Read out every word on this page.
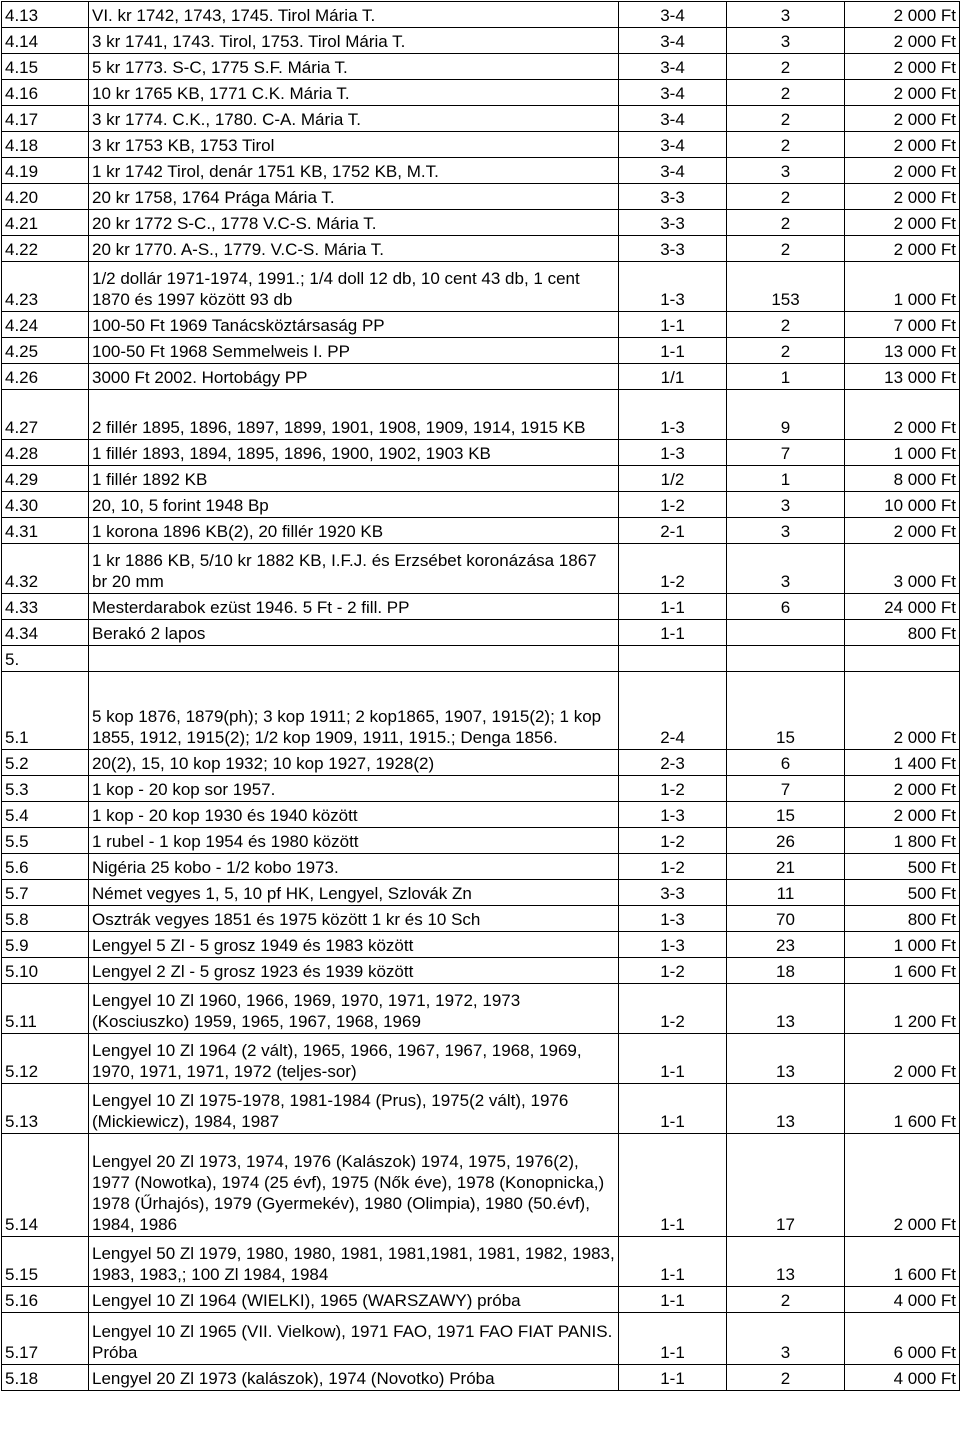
4.13	VI. kr 1742, 1743, 1745. Tirol Mária T.	3-4	3	2 000 Ft
4.14	3 kr 1741, 1743. Tirol, 1753. Tirol Mária T.	3-4	3	2 000 Ft
4.15	5 kr 1773. S-C, 1775 S.F. Mária T.	3-4	2	2 000 Ft
4.16	10 kr 1765 KB, 1771 C.K. Mária T.	3-4	2	2 000 Ft
4.17	3 kr 1774. C.K., 1780. C-A. Mária T.	3-4	2	2 000 Ft
4.18	3 kr 1753 KB, 1753 Tirol	3-4	2	2 000 Ft
4.19	1 kr 1742 Tirol, denár 1751 KB, 1752 KB, M.T.	3-4	3	2 000 Ft
4.20	20 kr 1758, 1764 Prága Mária T.	3-3	2	2 000 Ft
4.21	20 kr 1772 S-C., 1778 V.C-S. Mária T.	3-3	2	2 000 Ft
4.22	20 kr 1770. A-S., 1779. V.C-S. Mária T.	3-3	2	2 000 Ft
4.23	1/2 dollár 1971-1974, 1991.; 1/4 doll 12 db, 10 cent 43 db, 1 cent 1870 és 1997 között 93 db	1-3	153	1 000 Ft
4.24	100-50 Ft 1969 Tanácsköztársaság PP	1-1	2	7 000 Ft
4.25	100-50 Ft 1968 Semmelweis I. PP	1-1	2	13 000 Ft
4.26	3000 Ft 2002. Hortobágy PP	1/1	1	13 000 Ft
4.27	2 fillér 1895, 1896, 1897, 1899, 1901, 1908, 1909, 1914, 1915 KB	1-3	9	2 000 Ft
4.28	1 fillér 1893, 1894, 1895, 1896, 1900, 1902, 1903 KB	1-3	7	1 000 Ft
4.29	1 fillér 1892 KB	1/2	1	8 000 Ft
4.30	20, 10, 5 forint 1948 Bp	1-2	3	10 000 Ft
4.31	1 korona 1896 KB(2), 20 fillér 1920 KB	2-1	3	2 000 Ft
4.32	1 kr 1886 KB, 5/10 kr 1882 KB, I.F.J. és Erzsébet koronázása 1867 br 20 mm	1-2	3	3 000 Ft
4.33	Mesterdarabok ezüst 1946. 5 Ft - 2 fill. PP	1-1	6	24 000 Ft
4.34	Berakó 2 lapos	1-1		800 Ft
5.				
5.1	5 kop 1876, 1879(ph); 3 kop 1911; 2 kop1865, 1907, 1915(2); 1 kop 1855, 1912, 1915(2); 1/2 kop 1909, 1911, 1915.; Denga 1856.	2-4	15	2 000 Ft
5.2	20(2), 15, 10 kop 1932; 10 kop 1927, 1928(2)	2-3	6	1 400 Ft
5.3	1 kop - 20 kop sor 1957.	1-2	7	2 000 Ft
5.4	1 kop - 20 kop 1930 és 1940 között	1-3	15	2 000 Ft
5.5	1 rubel - 1 kop 1954 és 1980 között	1-2	26	1 800 Ft
5.6	Nigéria 25 kobo - 1/2 kobo 1973.	1-2	21	500 Ft
5.7	Német vegyes 1, 5, 10 pf HK, Lengyel, Szlovák Zn	3-3	11	500 Ft
5.8	Osztrák vegyes 1851 és 1975 között 1 kr és 10 Sch	1-3	70	800 Ft
5.9	Lengyel 5 Zl - 5 grosz 1949 és 1983 között	1-3	23	1 000 Ft
5.10	Lengyel 2 Zl - 5 grosz 1923 és 1939 között	1-2	18	1 600 Ft
5.11	Lengyel 10 Zl 1960, 1966, 1969, 1970, 1971, 1972, 1973 (Kosciuszko) 1959, 1965, 1967, 1968, 1969	1-2	13	1 200 Ft
5.12	Lengyel 10 Zl 1964 (2 vált), 1965, 1966, 1967, 1967, 1968, 1969, 1970, 1971, 1971, 1972 (teljes-sor)	1-1	13	2 000 Ft
5.13	Lengyel 10 Zl 1975-1978, 1981-1984 (Prus), 1975(2 vált), 1976 (Mickiewicz), 1984, 1987	1-1	13	1 600 Ft
5.14	Lengyel 20 Zl 1973, 1974, 1976 (Kalászok) 1974, 1975, 1976(2), 1977 (Nowotka), 1974 (25 évf), 1975 (Nők éve), 1978 (Konopnicka,) 1978 (Űrhajós), 1979 (Gyermekév), 1980 (Olimpia), 1980 (50.évf), 1984, 1986	1-1	17	2 000 Ft
5.15	Lengyel 50 Zl 1979, 1980, 1980, 1981, 1981,1981, 1981, 1982, 1983, 1983, 1983,; 100 Zl 1984, 1984	1-1	13	1 600 Ft
5.16	Lengyel 10 Zl 1964 (WIELKI), 1965 (WARSZAWY) próba	1-1	2	4 000 Ft
5.17	Lengyel 10 Zl 1965 (VII. Vielkow), 1971 FAO, 1971 FAO FIAT PANIS. Próba	1-1	3	6 000 Ft
5.18	Lengyel 20 Zl 1973 (kalászok), 1974 (Novotko) Próba	1-1	2	4 000 Ft
